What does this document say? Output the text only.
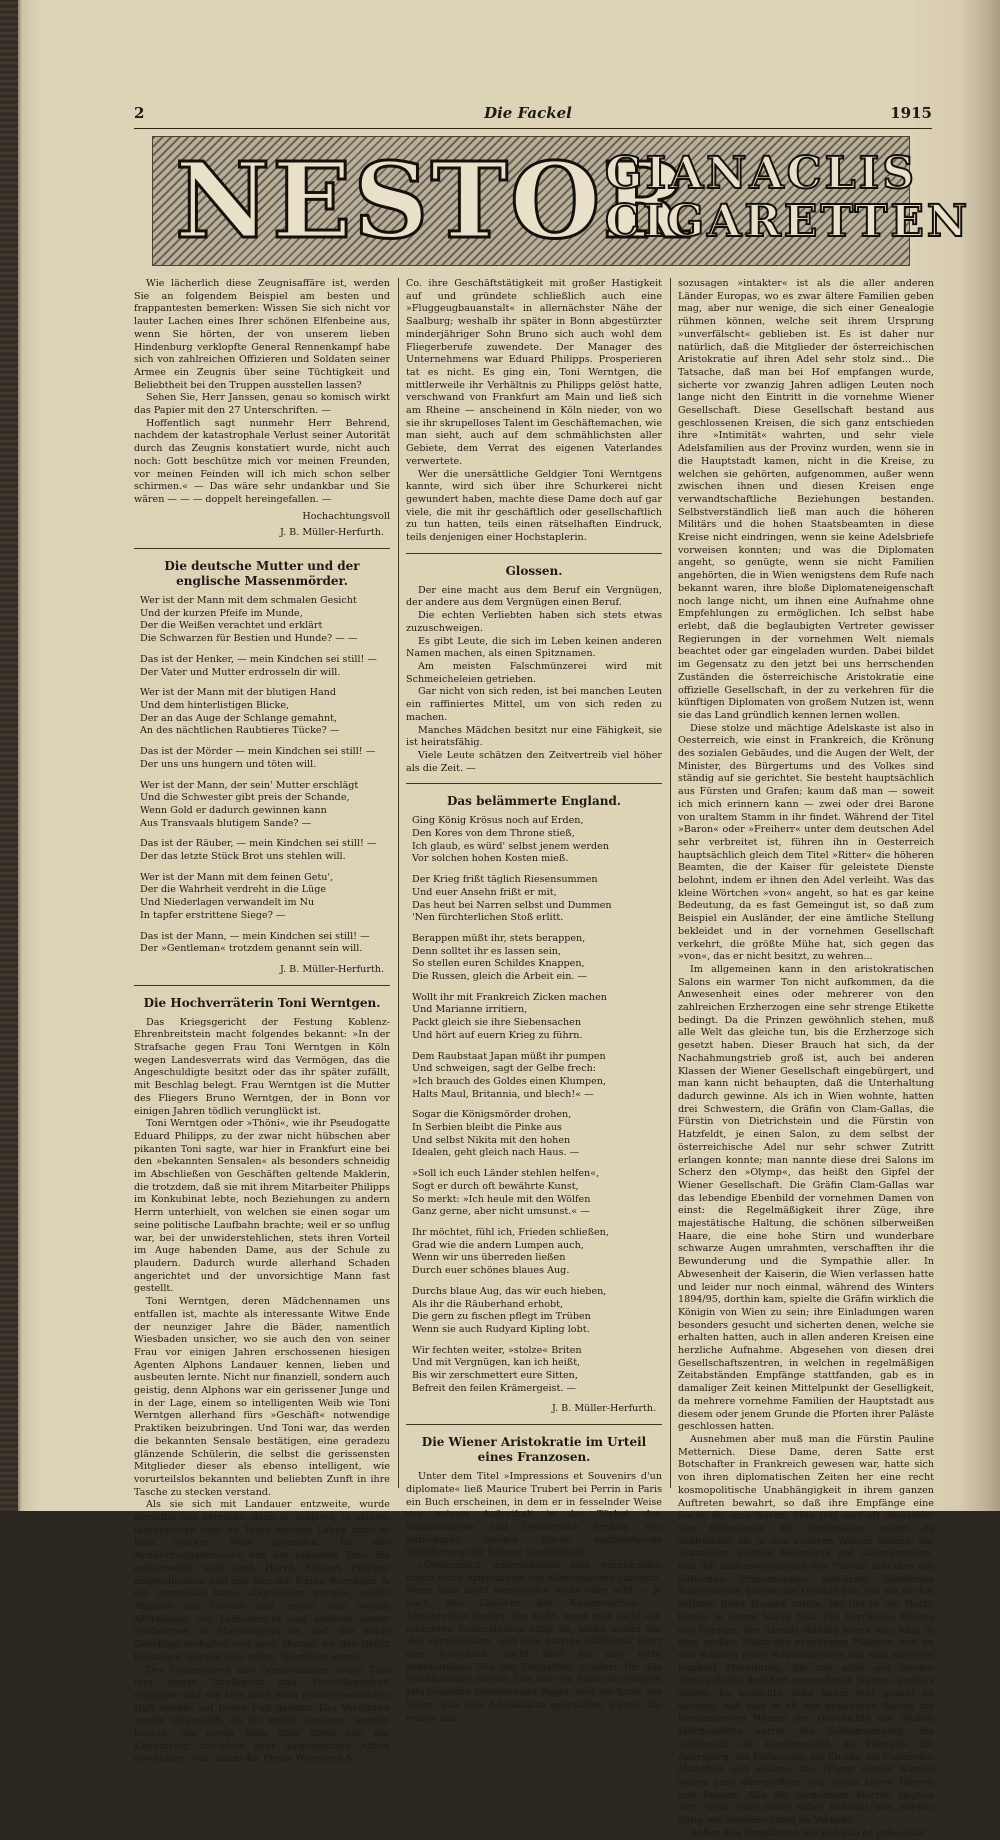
2	Die Fackel	1915
NESTOR
GIANACLIS
CIGARETTEN

Wie lächerlich diese Zeugnisaffäre ist, werden Sie an folgendem Beispiel am besten und frappantesten bemerken: Wissen Sie sich nicht vor lauter Lachen eines Ihrer schönen Elfenbeine aus, wenn Sie hörten, der von unserem lieben Hindenburg verklopfte General Rennenkampf habe sich von zahlreichen Offizieren und Soldaten seiner Armee ein Zeugnis über seine Tüchtigkeit und Beliebtheit bei den Truppen ausstellen lassen?

Sehen Sie, Herr Janssen, genau so komisch wirkt das Papier mit den 27 Unterschriften. —

Hoffentlich sagt nunmehr Herr Behrend, nachdem der katastrophale Verlust seiner Autorität durch das Zeugnis konstatiert wurde, nicht auch noch: Gott beschütze mich vor meinen Freunden, vor meinen Feinden will ich mich schon selber schirmen.« — Das wäre sehr undankbar und Sie wären — — — doppelt hereingefallen. —

Hochachtungsvoll
J. B. Müller-Herfurth.
Die deutsche Mutter und der englische Massenmörder.
Wer ist der Mann mit dem schmalen Gesicht
Und der kurzen Pfeife im Munde,
Der die Weißen verachtet und erklärt
Die Schwarzen für Bestien und Hunde? — —
Das ist der Henker, — mein Kindchen sei still! —
Der Vater und Mutter erdrosseln dir will.
Wer ist der Mann mit der blutigen Hand
Und dem hinterlistigen Blicke,
Der an das Auge der Schlange gemahnt,
An des nächtlichen Raubtieres Tücke? —
Das ist der Mörder — mein Kindchen sei still! —
Der uns uns hungern und töten will.
Wer ist der Mann, der sein' Mutter erschlägt
Und die Schwester gibt preis der Schande,
Wenn Gold er dadurch gewinnen kann
Aus Transvaals blutigem Sande? —
Das ist der Räuber, — mein Kindchen sei still! —
Der das letzte Stück Brot uns stehlen will.
Wer ist der Mann mit dem feinen Getu',
Der die Wahrheit verdreht in die Lüge
Und Niederlagen verwandelt im Nu
In tapfer erstrittene Siege? —
Das ist der Mann, — mein Kindchen sei still! —
Der »Gentleman« trotzdem genannt sein will.
J. B. Müller-Herfurth.
Die Hochverräterin Toni Werntgen.

Das Kriegsgericht der Festung Koblenz-Ehrenbreitstein macht folgendes bekannt: »In der Strafsache gegen Frau Toni Werntgen in Köln wegen Landesverrats wird das Vermögen, das die Angeschuldigte besitzt oder das ihr später zufällt, mit Beschlag belegt. Frau Werntgen ist die Mutter des Fliegers Bruno Werntgen, der in Bonn vor einigen Jahren tödlich verunglückt ist.

Toni Werntgen oder »Thöni«, wie ihr Pseudogatte Eduard Philipps, zu der zwar nicht hübschen aber pikanten Toni sagte, war hier in Frankfurt eine bei den »bekannten Sensalen« als besonders schneidig im Abschließen von Geschäften geltende Maklerin, die trotzdem, daß sie mit ihrem Mitarbeiter Philipps im Konkubinat lebte, noch Beziehungen zu andern Herrn unterhielt, von welchen sie einen sogar um seine politische Laufbahn brachte; weil er so unflug war, bei der unwiderstehlichen, stets ihren Vorteil im Auge habenden Dame, aus der Schule zu plaudern. Dadurch wurde allerhand Schaden angerichtet und der unvorsichtige Mann fast gestellt.

Toni Werntgen, deren Mädchennamen uns entfallen ist, machte als interessante Witwe Ende der neunziger Jahre die Bäder, namentlich Wiesbaden unsicher, wo sie auch den von seiner Frau vor einigen Jahren erschossenen hiesigen Agenten Alphons Landauer kennen, lieben und ausbeuten lernte. Nicht nur finanziell, sondern auch geistig, denn Alphons war ein gerissener Junge und in der Lage, einem so intelligenten Weib wie Toni Werntgen allerhand fürs »Geschäft« notwendige Praktiken beizubringen. Und Toni war, das werden die bekannten Sensale bestätigen, eine geradezu glänzende Schülerin, die selbst die gerissensten Mitglieder dieser als ebenso intelligent, wie vorurteilslos bekannten und beliebten Zunft in ihre Tasche zu stecken verstand.

Als sie sich mit Landauer entzweite, wurde derselbe fast verrückt, denn er erklärte, in seinem tatenreichen oder an Taten reichen Leben habe er kein solches Weib gefunden. Da alle Annäherungsversuche von der pikanten Toni, die mittlerweile sich dem Herrn Eduard Philipps angeschlossen und mit ihm die Firma Werntgen & Co. gegründet hatte, abgewiesen wurden, schritt Alphons zur Gewalt und zeigte Toni wegen Abtreibung der Leibesfrucht und anderer netter Sächelchen so überzeugend an, daß das holde Geschöpf verhaftet und nach Hanau, wo das Delikt begangen worden sein sollte, überführt wurde.

Der Gerissenheit des Denunzianten setzte Toni ihre ganze Intelligenz und Verschlagenheit entgegen und sah sich nach etwa dreiwöchentlicher Haft wieder auf freien Fuß gesetzt. Das Verfahren wurde eingestellt, da ihr nichts bewiesen werden konnte. Als etwas Gras über diese von der Konkurrenz natürlich sehr ausgebeutete Affäre gewachsen war, nahm die Firma Werntgen &

Co. ihre Geschäftstätigkeit mit großer Hastigkeit auf und gründete schließlich auch eine »Fluggeugbauanstalt« in allernächster Nähe der Saalburg; weshalb ihr später in Bonn abgestürzter minderjähriger Sohn Bruno sich auch wohl dem Fliegerberufe zuwendete. Der Manager des Unternehmens war Eduard Philipps. Prosperieren tat es nicht. Es ging ein, Toni Werntgen, die mittlerweile ihr Verhältnis zu Philipps gelöst hatte, verschwand von Frankfurt am Main und ließ sich am Rheine — anscheinend in Köln nieder, von wo sie ihr skrupelloses Talent im Geschäftemachen, wie man sieht, auch auf dem schmählichsten aller Gebiete, dem Verrat des eigenen Vaterlandes verwertete.

Wer die unersättliche Geldgier Toni Werntgens kannte, wird sich über ihre Schurkerei nicht gewundert haben, machte diese Dame doch auf gar viele, die mit ihr geschäftlich oder gesellschaftlich zu tun hatten, teils einen rätselhaften Eindruck, teils denjenigen einer Hochstaplerin.

Glossen.

Der eine macht aus dem Beruf ein Vergnügen, der andere aus dem Vergnügen einen Beruf.

Die echten Verliebten haben sich stets etwas zuzuschweigen.

Es gibt Leute, die sich im Leben keinen anderen Namen machen, als einen Spitznamen.

Am meisten Falschmünzerei wird mit Schmeicheleien getrieben.

Gar nicht von sich reden, ist bei manchen Leuten ein raffiniertes Mittel, um von sich reden zu machen.

Manches Mädchen besitzt nur eine Fähigkeit, sie ist heiratsfähig.

Viele Leute schätzen den Zeitvertreib viel höher als die Zeit. —

Das belämmerte England.
Ging König Krösus noch auf Erden,
Den Kores von dem Throne stieß,
Ich glaub, es würd' selbst jenem werden
Vor solchen hohen Kosten mieß.
Der Krieg frißt täglich Riesensummen
Und euer Ansehn frißt er mit,
Das heut bei Narren selbst und Dummen
'Nen fürchterlichen Stoß erlitt.
Berappen müßt ihr, stets berappen,
Denn solltet ihr es lassen sein,
So stellen euren Schildes Knappen,
Die Russen, gleich die Arbeit ein. —
Wollt ihr mit Frankreich Zicken machen
Und Marianne irritiern,
Packt gleich sie ihre Siebensachen
Und hört auf euern Krieg zu führn.
Dem Raubstaat Japan müßt ihr pumpen
Und schweigen, sagt der Gelbe frech:
»Ich brauch des Goldes einen Klumpen,
Halts Maul, Britannia, und blech!« —
Sogar die Königsmörder drohen,
In Serbien bleibt die Pinke aus
Und selbst Nikita mit den hohen
Idealen, geht gleich nach Haus. —
»Soll ich euch Länder stehlen helfen«,
Sogt er durch oft bewährte Kunst,
So merkt: »Ich heule mit den Wölfen
Ganz gerne, aber nicht umsunst.« —
Ihr möchtet, fühl ich, Frieden schließen,
Grad wie die andern Lumpen auch,
Wenn wir uns überreden ließen
Durch euer schönes blaues Aug.
Durchs blaue Aug, das wir euch hieben,
Als ihr die Räuberhand erhobt,
Die gern zu fischen pflegt im Trüben
Wenn sie auch Rudyard Kipling lobt.
Wir fechten weiter, »stolze« Briten
Und mit Vergnügen, kan ich heißt,
Bis wir zerschmettert eure Sitten,
Befreit den feilen Krämergeist. —
J. B. Müller-Herfurth.
Die Wiener Aristokratie im Urteil eines Franzosen.

Unter dem Titel »Impressions et Souvenirs d'un diplomate« ließ Maurice Trubert bei Perrin in Paris ein Buch erscheinen, in dem er in fesselnder Weise von seinem Aufenthalt in der Türkei, den Balkanstaaten und Oesterreich erzählt. Wir entnehmen diesem Buche nachstehende Schilderung der Wiener Gesellschaft:

»Oesterreich unterscheidet sich vornehmlich durch seine Aristokratie von allen anderen Ländern. Wenn man nicht wenigstens sechs oder acht — je nach den Ländern des Kaiserreiches — Ahnenreihen besitzt, das heißt, wenn man nicht seit mehreren Generationen edlig ist, bleibt einem der Hof verschlossen, und eine einzige Mißheirat führt den Ausschluß, nicht bloß für den nicht ebenbürtigen Teil der Ehegatten, sondern für alle Nachkommen herbei. Das war am Ende des vorigen Jahrhunderts feststehende Regel, und sie hatte zur Folge, daß eine Adelsklasse geschaffen wurde, die reiner und

sozusagen »intakter« ist als die aller anderen Länder Europas, wo es zwar ältere Familien geben mag, aber nur wenige, die sich einer Genealogie rühmen können, welche seit ihrem Ursprung »unverfälscht« geblieben ist. Es ist daher nur natürlich, daß die Mitglieder der österreichischen Aristokratie auf ihren Adel sehr stolz sind... Die Tatsache, daß man bei Hof empfangen wurde, sicherte vor zwanzig Jahren adligen Leuten noch lange nicht den Eintritt in die vornehme Wiener Gesellschaft. Diese Gesellschaft bestand aus geschlossenen Kreisen, die sich ganz entschieden ihre »Intimität« wahrten, und sehr viele Adelsfamilien aus der Provinz wurden, wenn sie in die Hauptstadt kamen, nicht in die Kreise, zu welchen sie gehörten, aufgenommen, außer wenn zwischen ihnen und diesen Kreisen enge verwandtschaftliche Beziehungen bestanden. Selbstverständlich ließ man auch die höheren Militärs und die hohen Staatsbeamten in diese Kreise nicht eindringen, wenn sie keine Adelsbriefe vorweisen konnten; und was die Diplomaten angeht, so genügte, wenn sie nicht Familien angehörten, die in Wien wenigstens dem Rufe nach bekannt waren, ihre bloße Diplomateneigenschaft noch lange nicht, um ihnen eine Aufnahme ohne Empfehlungen zu ermöglichen. Ich selbst habe erlebt, daß die beglaubigten Vertreter gewisser Regierungen in der vornehmen Welt niemals beachtet oder gar eingeladen wurden. Dabei bildet im Gegensatz zu den jetzt bei uns herrschenden Zuständen die österreichische Aristokratie eine offizielle Gesellschaft, in der zu verkehren für die künftigen Diplomaten von großem Nutzen ist, wenn sie das Land gründlich kennen lernen wollen.

Diese stolze und mächtige Adelskaste ist also in Oesterreich, wie einst in Frankreich, die Krönung des sozialen Gebäudes, und die Augen der Welt, der Minister, des Bürgertums und des Volkes sind ständig auf sie gerichtet. Sie besteht hauptsächlich aus Fürsten und Grafen; kaum daß man — soweit ich mich erinnern kann — zwei oder drei Barone von uraltem Stamm in ihr findet. Während der Titel »Baron« oder »Freiherr« unter dem deutschen Adel sehr verbreitet ist, führen ihn in Oesterreich hauptsächlich gleich dem Titel »Ritter« die höheren Beamten, die der Kaiser für geleistete Dienste belohnt, indem er ihnen den Adel verleiht. Was das kleine Wörtchen »von« angeht, so hat es gar keine Bedeutung, da es fast Gemeingut ist, so daß zum Beispiel ein Ausländer, der eine ämtliche Stellung bekleidet und in der vornehmen Gesellschaft verkehrt, die größte Mühe hat, sich gegen das »von«, das er nicht besitzt, zu wehren...

Im allgemeinen kann in den aristokratischen Salons ein warmer Ton nicht aufkommen, da die Anwesenheit eines oder mehrerer von den zahlreichen Erzherzogen eine sehr strenge Etikette bedingt. Da die Prinzen gewöhnlich stehen, muß alle Welt das gleiche tun, bis die Erzherzoge sich gesetzt haben. Dieser Brauch hat sich, da der Nachahmungstrieb groß ist, auch bei anderen Klassen der Wiener Gesellschaft eingebürgert, und man kann nicht behaupten, daß die Unterhaltung dadurch gewinne. Als ich in Wien wohnte, hatten drei Schwestern, die Gräfin von Clam-Gallas, die Fürstin von Dietrichstein und die Fürstin von Hatzfeldt, je einen Salon, zu dem selbst der österreichische Adel nur sehr schwer Zutritt erlangen konnte; man nannte diese drei Salons im Scherz den »Olymp«, das heißt den Gipfel der Wiener Gesellschaft. Die Gräfin Clam-Gallas war das lebendige Ebenbild der vornehmen Damen von einst: die Regelmäßigkeit ihrer Züge, ihre majestätische Haltung, die schönen silberweißen Haare, die eine hohe Stirn und wunderbare schwarze Augen umrahmten, verschafften ihr die Bewunderung und die Sympathie aller. In Abwesenheit der Kaiserin, die Wien verlassen hatte und leider nur noch einmal, während des Winters 1894/95, dorthin kam, spielte die Gräfin wirklich die Königin von Wien zu sein; ihre Einladungen waren besonders gesucht und sicherten denen, welche sie erhalten hatten, auch in allen anderen Kreisen eine herzliche Aufnahme. Abgesehen von diesen drei Gesellschaftszentren, in welchen in regelmäßigen Zeitabständen Empfänge stattfanden, gab es in damaliger Zeit keinen Mittelpunkt der Geselligkeit, da mehrere vornehme Familien der Hauptstadt aus diesem oder jenem Grunde die Pforten ihrer Paläste geschlossen hatten.

Ausnehmen aber muß man die Fürstin Pauline Metternich. Diese Dame, deren Satte erst Botschafter in Frankreich gewesen war, hatte sich von ihren diplomatischen Zeiten her eine recht kosmopolitische Unabhängigkeit in ihrem ganzen Auftreten bewahrt, so daß ihre Empfänge eine Sache für sich waren. Man traf dort oft Ausländer von Bedeutung; die Diplomaten waren da zahlreicher als in den anderen Wiener Salons; wir Franzosen wurden besonders gut aufgenommen, und die liebenswürdigkeit der Fürstin und ihre mit hübschen Erinnerungen gewürzte blendende Konversation hielten die Glücklichen, die sie zu den Intimen ihres Hauses zählte, bis tief in die Nacht hinein in ihrem Salon fest. Ein herrliches Bildnis des Fürsten, der damals ständig krank war, hing in dem großen Salon des prächtigen Palastes, und an den Wänden eines Nebenzimmers sah man mehrere hundert Miniaturen, die mit allen auf diesem Kunstgebiete berühmt gewordenen Namen signiert waren. Es brauchte wohl kaum erst gesagt zu werden, daß man in all den genannten Salons die berühmtesten Namen der Geschichte der letzten Jahrhunderte antraf, die Schwarzenberg, die Lobkowitz, die Liechtenstein, die Harrach, die Auersperg, die Pallavicini, die Kinsky, die Colloredo-Mansfeld und andere; die Träger dieser Namen waren zum allergrößten Teil schon ältere Herren und Damen. Alle die vornehmen Herren zeigten sich, wenn man ihnen näher bekannt war, ebenso gütig wie liebenswürdig im Verkehr.

Außer den Empfängen bei Hof gab es jedes Jahr
